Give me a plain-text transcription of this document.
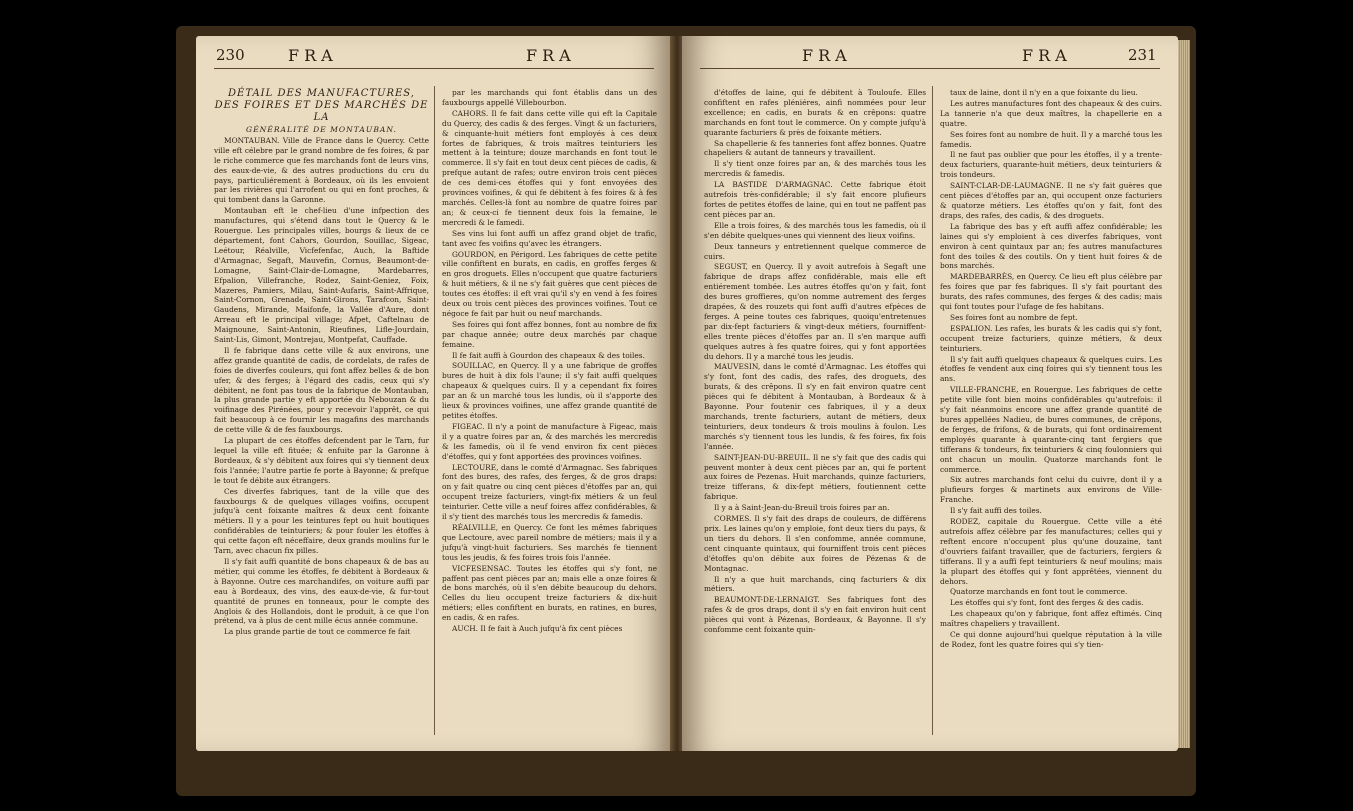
230	FRA	FRA

DÉTAIL DES MANUFACTURES, DES FOIRES ET DES MARCHÉS DE LA

GÉNÉRALITÉ DE MONTAUBAN.

MONTAUBAN. Ville de France dans le Quercy. Cette ville eft célebre par le grand nombre de fes foires, & par le riche commerce que fes marchands font de leurs vins, des eaux-de-vie, & des autres productions du cru du pays, particuliérement à Bordeaux, où ils les envoient par les rivières qui l'arrofent ou qui en font proches, & qui tombent dans la Garonne.

Montauban eft le chef-lieu d'une infpection des manufactures, qui s'étend dans tout le Quercy & le Rouergue. Les principales villes, bourgs & lieux de ce département, font Cahors, Gourdon, Souillac, Sigeac, Leétour, Réalville, Vicfefenfac, Auch, la Baftide d'Armagnac, Segaft, Mauvefin, Cornus, Beaumont-de-Lomagne, Saint-Clair-de-Lomagne, Mardebarres, Efpalion, Villefranche, Rodez, Saint-Geniez, Foix, Mazeres, Pamiers, Milau, Saint-Aufaris, Saint-Affrique, Saint-Cornon, Grenade, Saint-Girons, Tarafcon, Saint-Gaudens, Mirande, Maifonfe, la Vallée d'Aure, dont Arreau eft le principal village; Afpet, Caftelnau de Maignoune, Saint-Antonin, Rieufines, Lifle-Jourdain, Saint-Lis, Gimont, Montrejau, Montpefat, Cauffade.

Il fe fabrique dans cette ville & aux environs, une affez grande quantité de cadis, de cordelats, de rafes de foies de diverfes couleurs, qui font affez belles & de bon ufer, & des ferges; à l'égard des cadis, ceux qui s'y débitent, ne font pas tous de la fabrique de Montauban, la plus grande partie y eft apportée du Nebouzan & du voifinage des Pirénées, pour y recevoir l'apprêt, ce qui fait beaucoup à ce fournir les magafins des marchands de cette ville & de fes fauxbourgs.

La plupart de ces étoffes defcendent par le Tarn, fur lequel la ville eft fituée; & enfuite par la Garonne à Bordeaux, & s'y débitent aux foires qui s'y tiennent deux fois l'année; l'autre partie fe porte à Bayonne; & prefque le tout fe débite aux étrangers.

Ces diverfes fabriques, tant de la ville que des fauxbourgs & de quelques villages voifins, occupent jufqu'à cent foixante maîtres & deux cent foixante métiers. Il y a pour les teintures fept ou huit boutiques confidérables de teinturiers; & pour fouler les étoffes à qui cette façon eft néceffaire, deux grands moulins fur le Tarn, avec chacun fix pilles.

Il s'y fait auffi quantité de bons chapeaux & de bas au métier, qui comme les étoffes, fe débitent à Bordeaux & à Bayonne. Outre ces marchandifes, on voiture auffi par eau à Bordeaux, des vins, des eaux-de-vie, & fur-tout quantité de prunes en tonneaux, pour le compte des Anglois & des Hollandois, dont le produit, à ce que l'on prétend, va à plus de cent mille écus année commune.

La plus grande partie de tout ce commerce fe fait

par les marchands qui font établis dans un des fauxbourgs appellé Villebourbon.

CAHORS. Il fe fait dans cette ville qui eft la Capitale du Quercy, des cadis & des ferges. Vingt & un facturiers, & cinquante-huit métiers font employés à ces deux fortes de fabriques, & trois maîtres teinturiers les mettent à la teinture; douze marchands en font tout le commerce. Il s'y fait en tout deux cent pièces de cadis, & prefque autant de rafes; outre environ trois cent pièces de ces demi-ces étoffes qui y font envoyées des provinces voifines, & qui fe débitent à fes foires & à fes marchés. Celles-là font au nombre de quatre foires par an; & ceux-ci fe tiennent deux fois la femaine, le mercredi & le famedi.

Ses vins lui font auffi un affez grand objet de trafic, tant avec fes voifins qu'avec les étrangers.

GOURDON, en Périgord. Les fabriques de cette petite ville confiftent en burats, en cadis, en groffes ferges & en gros droguets. Elles n'occupent que quatre facturiers & huit métiers, & il ne s'y fait guères que cent pièces de toutes ces étoffes: il eft vrai qu'il s'y en vend à fes foires deux ou trois cent pièces des provinces voifines. Tout ce négoce fe fait par huit ou neuf marchands.

Ses foires qui font affez bonnes, font au nombre de fix par chaque année; outre deux marchés par chaque femaine.

Il fe fait auffi à Gourdon des chapeaux & des toiles.

SOUILLAC, en Quercy. Il y a une fabrique de groffes bures de huit à dix fols l'aune; il s'y fait auffi quelques chapeaux & quelques cuirs. Il y a cependant fix foires par an & un marché tous les lundis, où il s'apporte des lieux & provinces voifines, une affez grande quantité de petites étoffes.

FIGEAC. Il n'y a point de manufacture à Figeac, mais il y a quatre foires par an, & des marchés les mercredis & les famedis, où il fe vend environ fix cent pièces d'étoffes, qui y font apportées des provinces voifines.

LECTOURE, dans le comté d'Armagnac. Ses fabriques font des bures, des rafes, des ferges, & de gros draps: on y fait quatre ou cinq cent pièces d'étoffes par an, qui occupent treize facturiers, vingt-fix métiers & un feul teinturier. Cette ville a neuf foires affez confidérables, & il s'y tient des marchés tous les mercredis & famedis.

RÉALVILLE, en Quercy. Ce font les mêmes fabriques que Lectoure, avec pareil nombre de métiers; mais il y a jufqu'à vingt-huit facturiers. Ses marchés fe tiennent tous les jeudis, & fes foires trois fois l'année.

VICFESENSAC. Toutes les étoffes qui s'y font, ne paffent pas cent pièces par an; mais elle a onze foires & de bons marchés, où il s'en débite beaucoup du dehors. Celles du lieu occupent treize facturiers & dix-huit métiers; elles confiftent en burats, en ratines, en bures, en cadis, & en rafes.

AUCH. Il fe fait à Auch jufqu'à fix cent pièces

FRA	FRA	231

d'étoffes de laine, qui fe débitent à Touloufe. Elles confiftent en rafes pléniéres, ainfi nommées pour leur excellence; en cadis, en burats & en crêpons: quatre marchands en font tout le commerce. On y compte jufqu'à quarante facturiers & près de foixante métiers.

Sa chapellerie & fes tanneries font affez bonnes. Quatre chapeliers & autant de tanneurs y travaillent.

Il s'y tient onze foires par an, & des marchés tous les mercredis & famedis.

LA BASTIDE D'ARMAGNAC. Cette fabrique étoit autrefois très-confidérable; il s'y fait encore plufieurs fortes de petites étoffes de laine, qui en tout ne paffent pas cent pièces par an.

Elle a trois foires, & des marchés tous les famedis, où il s'en débite quelques-unes qui viennent des lieux voifins.

Deux tanneurs y entretiennent quelque commerce de cuirs.

SEGUST, en Quercy. Il y avoit autrefois à Segaft une fabrique de draps affez confidérable, mais elle eft entiérement tombée. Les autres étoffes qu'on y fait, font des bures groffieres, qu'on nomme autrement des ferges drapées, & des rouzets qui font auffi d'autres efpèces de ferges. A peine toutes ces fabriques, quoiqu'entretenues par dix-fept facturiers & vingt-deux métiers, fourniffent-elles trente pièces d'étoffes par an. Il s'en marque auffi quelques autres à fes quatre foires, qui y font apportées du dehors. Il y a marché tous les jeudis.

MAUVESIN, dans le comté d'Armagnac. Les étoffes qui s'y font, font des cadis, des rafes, des droguets, des burats, & des crêpons. Il s'y en fait environ quatre cent pièces qui fe débitent à Montauban, à Bordeaux & à Bayonne. Pour foutenir ces fabriques, il y a deux marchands, trente facturiers, autant de métiers, deux teinturiers, deux tondeurs & trois moulins à foulon. Les marchés s'y tiennent tous les lundis, & fes foires, fix fois l'année.

SAINT-JEAN-DU-BREUIL. Il ne s'y fait que des cadis qui peuvent monter à deux cent pièces par an, qui fe portent aux foires de Pezenas. Huit marchands, quinze facturiers, treize tifferans, & dix-fept métiers, foutiennent cette fabrique.

Il y a à Saint-Jean-du-Breuil trois foires par an.

CORMES. Il s'y fait des draps de couleurs, de différens prix. Les laines qu'on y emploie, font deux tiers du pays, & un tiers du dehors. Il s'en confomme, année commune, cent cinquante quintaux, qui fourniffent trois cent pièces d'étoffes qu'on débite aux foires de Pézenas & de Montagnac.

Il n'y a que huit marchands, cinq facturiers & dix métiers.

BEAUMONT-DE-LERNAIGT. Ses fabriques font des rafes & de gros draps, dont il s'y en fait environ huit cent pièces qui vont à Pézenas, Bordeaux, & Bayonne. Il s'y confomme cent foixante quin-

taux de laine, dont il n'y en a que foixante du lieu.

Les autres manufactures font des chapeaux & des cuirs. La tannerie n'a que deux maîtres, la chapellerie en a quatre.

Ses foires font au nombre de huit. Il y a marché tous les famedis.

Il ne faut pas oublier que pour les étoffes, il y a trente-deux facturiers, quarante-huit métiers, deux teinturiers & trois tondeurs.

SAINT-CLAR-DE-LAUMAGNE. Il ne s'y fait guères que cent pièces d'étoffes par an, qui occupent onze facturiers & quatorze métiers. Les étoffes qu'on y fait, font des draps, des rafes, des cadis, & des droguets.

La fabrique des bas y eft auffi affez confidérable; les laines qui s'y emploient à ces diverfes fabriques, vont environ à cent quintaux par an; fes autres manufactures font des toiles & des coutils. On y tient huit foires & de bons marchés.

MARDEBARRÈS, en Quercy. Ce lieu eft plus célèbre par fes foires que par fes fabriques. Il s'y fait pourtant des burats, des rafes communes, des ferges & des cadis; mais qui font toutes pour l'ufage de fes habitans.

Ses foires font au nombre de fept.

ESPALION. Les rafes, les burats & les cadis qui s'y font, occupent treize facturiers, quinze métiers, & deux teinturiers.

Il s'y fait auffi quelques chapeaux & quelques cuirs. Les étoffes fe vendent aux cinq foires qui s'y tiennent tous les ans.

VILLE-FRANCHE, en Rouergue. Les fabriques de cette petite ville font bien moins confidérables qu'autrefois: il s'y fait néanmoins encore une affez grande quantité de bures appellées Nadieu, de bures communes, de crêpons, de ferges, de frifons, & de burats, qui font ordinairement employés quarante à quarante-cinq tant fergiers que tifferans & tondeurs, fix teinturiers & cinq foulonniers qui ont chacun un moulin. Quatorze marchands font le commerce.

Six autres marchands font celui du cuivre, dont il y a plufieurs forges & martinets aux environs de Ville-Franche.

Il s'y fait auffi des toiles.

RODEZ, capitale du Rouergue. Cette ville a été autrefois affez célèbre par fes manufactures; celles qui y reftent encore n'occupent plus qu'une douzaine, tant d'ouvriers faifant travailler, que de facturiers, fergiers & tifferans. Il y a auffi fept teinturiers & neuf moulins; mais la plupart des étoffes qui y font apprêtées, viennent du dehors.

Quatorze marchands en font tout le commerce.

Les étoffes qui s'y font, font des ferges & des cadis.

Les chapeaux qu'on y fabrique, font affez eftimés. Cinq maîtres chapeliers y travaillent.

Ce qui donne aujourd'hui quelque réputation à la ville de Rodez, font les quatre foires qui s'y tien-
